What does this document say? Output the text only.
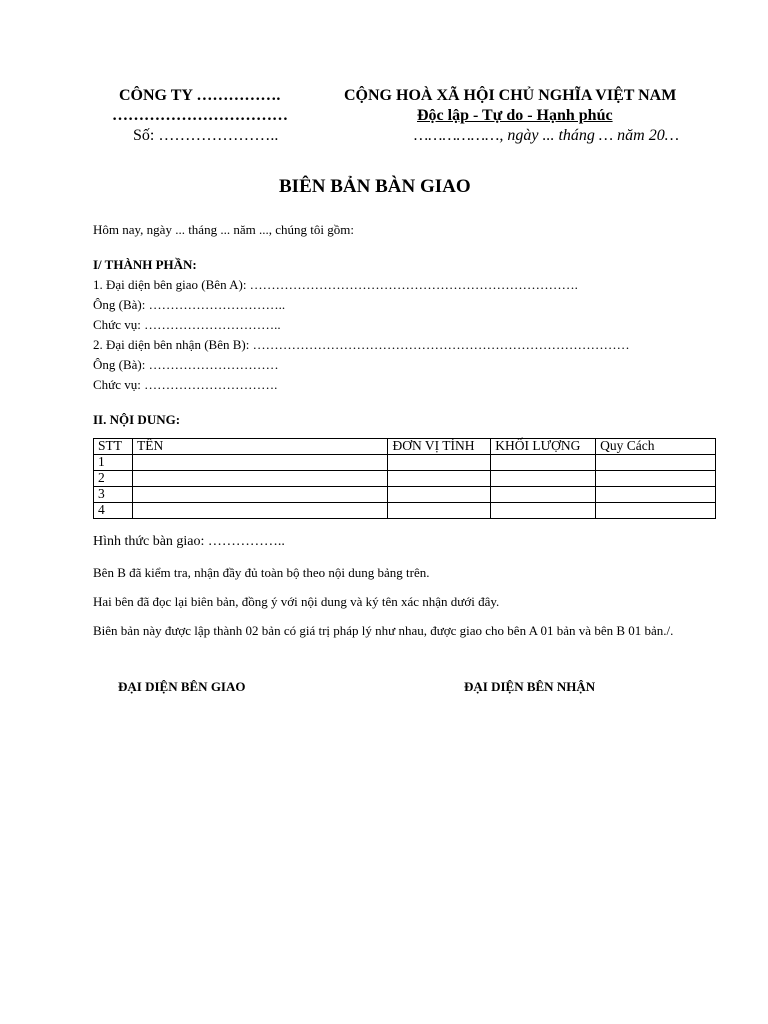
CÔNG TY …………….
……………………………
Số: …………………..
CỘNG HOÀ XÃ HỘI CHỦ NGHĨA VIỆT NAM
Độc lập - Tự do - Hạnh phúc
………………, ngày ... tháng … năm 20…
BIÊN BẢN BÀN GIAO
Hôm nay, ngày ... tháng ... năm ..., chúng tôi gồm:
I/ THÀNH PHẦN:
1. Đại diện bên giao (Bên A): ………………………………………………………………….
Ông (Bà): …………………………..
Chức vụ: …………………………..
2. Đại diện bên nhận (Bên B): ……………………………………………………………………………
Ông (Bà): …………………………
Chức vụ: ………………………….
II. NỘI DUNG:
STT	TÊN	ĐƠN VỊ TÍNH	KHỐI LƯỢNG	Quy Cách
1				
2				
3				
4				
Hình thức bàn giao: ……………..
Bên B đã kiểm tra, nhận đầy đủ toàn bộ theo nội dung bảng trên.
Hai bên đã đọc lại biên bản, đồng ý với nội dung và ký tên xác nhận dưới đây.
Biên bản này được lập thành 02 bản có giá trị pháp lý như nhau, được giao cho bên A 01 bản và bên B 01 bản./.
ĐẠI DIỆN BÊN GIAO	ĐẠI DIỆN BÊN NHẬN
